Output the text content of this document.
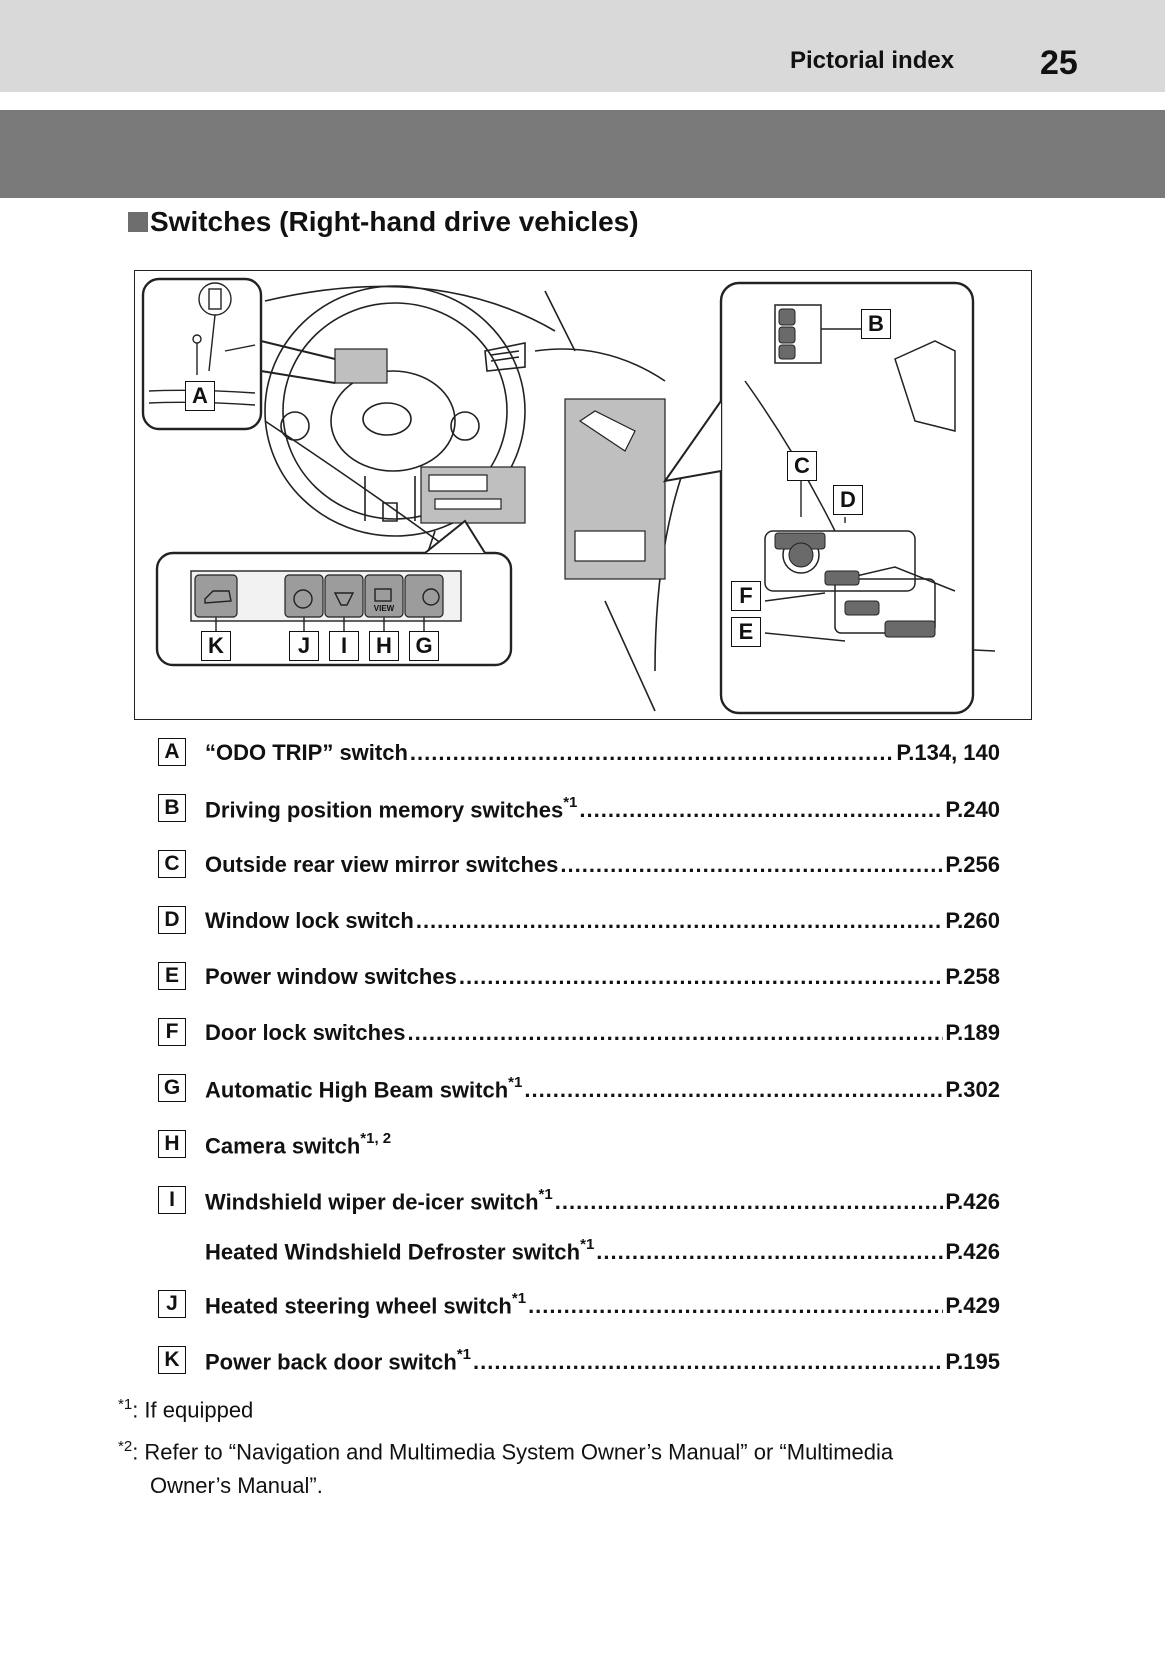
Pictorial index	25
Switches (Right-hand drive vehicles)
VIEW
A
B
C
D
F
E
K	J	I	H	G
A “ODO TRIP” switch .....	P.134, 140
B Driving position memory switches$^{*1}$ .....	P.240
C Outside rear view mirror switches .....	P.256
D Window lock switch .....	P.260
E	Power window switches .....	P.258
F	Door lock switches .....	P.189
G Automatic High Beam switch$^{*1}$ .....	P.302
H Camera switch$^{*1, 2}$
I	Windshield wiper de-icer switch$^{*1}$ .....	P.426
Heated Windshield Defroster switch$^{*1}$ .....	P.426
J	Heated steering wheel switch$^{*1}$ .....	P.429
K Power back door switch$^{*1}$ .....	P.195
$^{*1}$: If equipped
$^{*2}$: Refer to “Navigation and Multimedia System Owner’s Manual” or “Multimedia
Owner’s Manual”.
